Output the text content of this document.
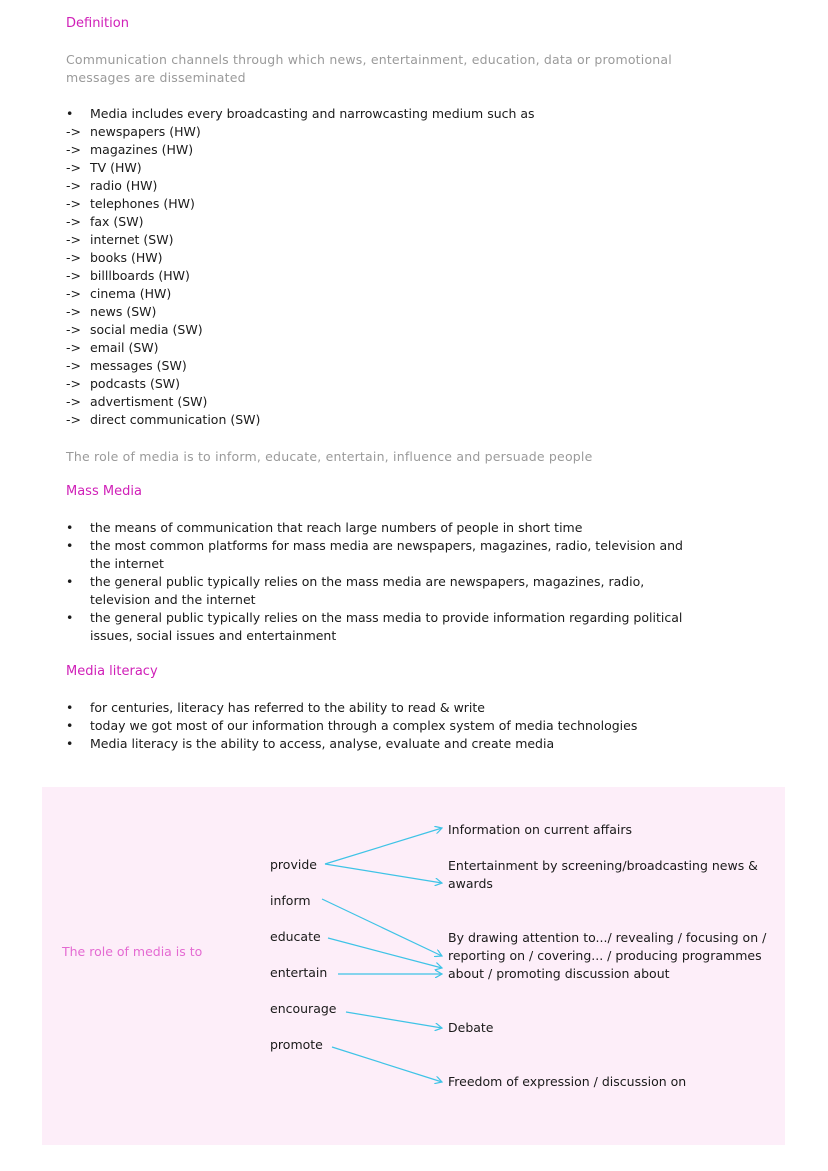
Definition
Communication channels through which news, entertainment, education, data or promotional
messages are disseminated
• Media includes every broadcasting and narrowcasting medium such as
-> newspapers (HW)
-> magazines (HW)
-> TV (HW)
-> radio (HW)
-> telephones (HW)
-> fax (SW)
-> internet (SW)
-> books (HW)
-> billlboards (HW)
-> cinema (HW)
-> news (SW)
-> social media (SW)
-> email (SW)
-> messages (SW)
-> podcasts (SW)
-> advertisment (SW)
-> direct communication (SW)
The role of media is to inform, educate, entertain, influence and persuade people
Mass Media
• the means of communication that reach large numbers of people in short time
• the most common platforms for mass media are newspapers, magazines, radio, television and the internet
• the general public typically relies on the mass media are newspapers, magazines, radio, television and the internet
• the general public typically relies on the mass media to provide information regarding political issues, social issues and entertainment
Media literacy
• for centuries, literacy has referred to the ability to read & write
• today we got most of our information through a complex system of media technologies
• Media literacy is the ability to access, analyse, evaluate and create media
The role of media is to
provide
inform
educate
entertain
encourage
promote
Information on current affairs
Entertainment by screening/broadcasting news & awards
By drawing attention to.../ revealing / focusing on / reporting on / covering... / producing programmes about / promoting discussion about
Debate
Freedom of expression / discussion on
